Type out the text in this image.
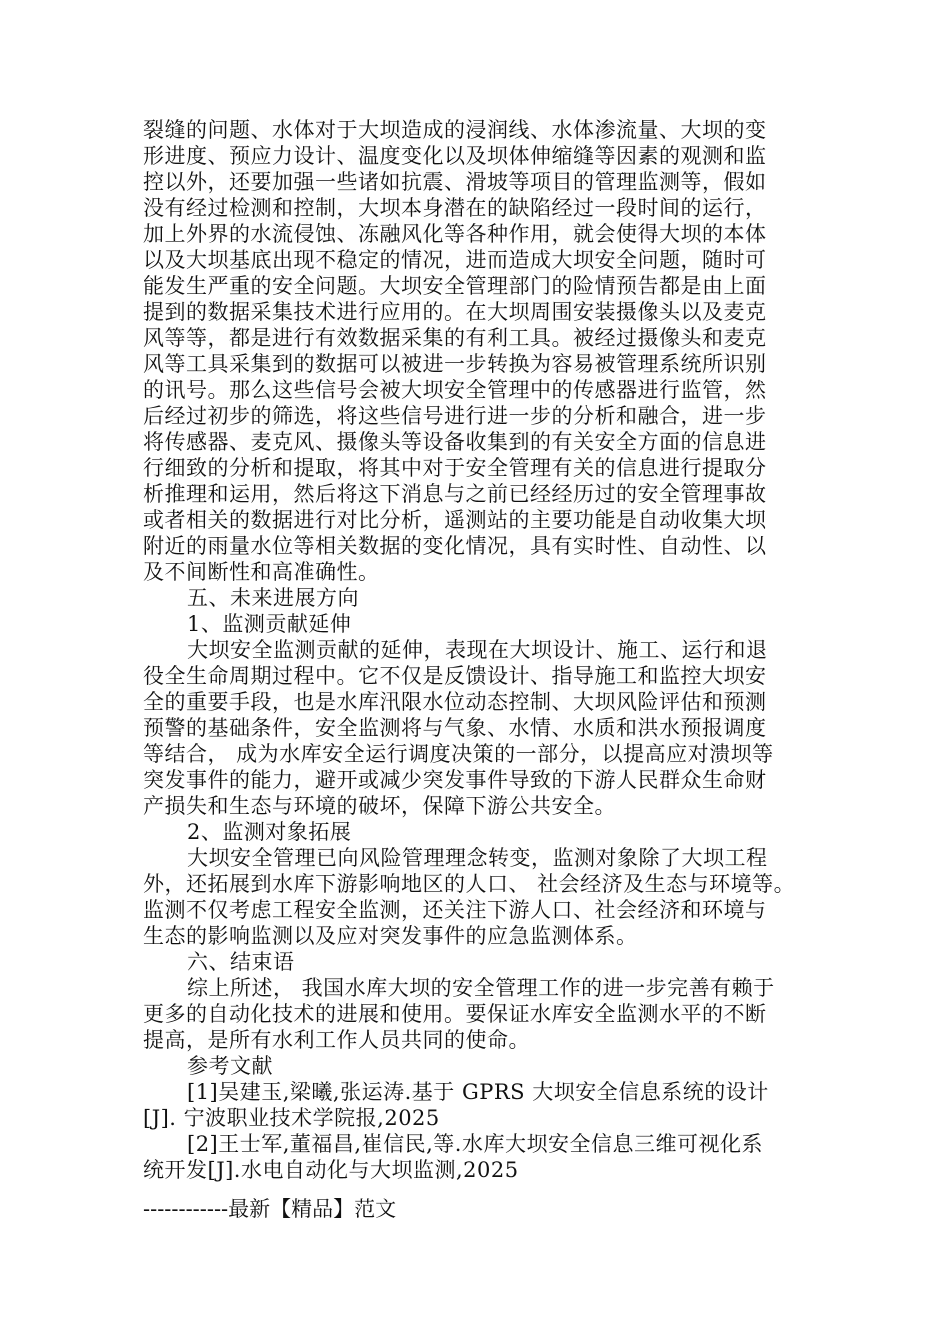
裂缝的问题、水体对于大坝造成的浸润线、水体渗流量、大坝的变
形进度、预应力设计、温度变化以及坝体伸缩缝等因素的观测和监
控以外，还要加强一些诸如抗震、滑坡等项目的管理监测等，假如
没有经过检测和控制，大坝本身潜在的缺陷经过一段时间的运行，
加上外界的水流侵蚀、冻融风化等各种作用，就会使得大坝的本体
以及大坝基底出现不稳定的情况，进而造成大坝安全问题，随时可
能发生严重的安全问题。大坝安全管理部门的险情预告都是由上面
提到的数据采集技术进行应用的。在大坝周围安装摄像头以及麦克
风等等，都是进行有效数据采集的有利工具。被经过摄像头和麦克
风等工具采集到的数据可以被进一步转换为容易被管理系统所识别
的讯号。那么这些信号会被大坝安全管理中的传感器进行监管，然
后经过初步的筛选，将这些信号进行进一步的分析和融合，进一步
将传感器、麦克风、摄像头等设备收集到的有关安全方面的信息进
行细致的分析和提取，将其中对于安全管理有关的信息进行提取分
析推理和运用，然后将这下消息与之前已经经历过的安全管理事故
或者相关的数据进行对比分析，遥测站的主要功能是自动收集大坝
附近的雨量水位等相关数据的变化情况，具有实时性、自动性、以
及不间断性和高准确性。
五、未来进展方向
1、监测贡献延伸
大坝安全监测贡献的延伸，表现在大坝设计、施工、运行和退
役全生命周期过程中。它不仅是反馈设计、指导施工和监控大坝安
全的重要手段，也是水库汛限水位动态控制、大坝风险评估和预测
预警的基础条件，安全监测将与气象、水情、水质和洪水预报调度
等结合， 成为水库安全运行调度决策的一部分，以提高应对溃坝等
突发事件的能力，避开或减少突发事件导致的下游人民群众生命财
产损失和生态与环境的破坏，保障下游公共安全。
2、监测对象拓展
大坝安全管理已向风险管理理念转变，监测对象除了大坝工程
外，还拓展到水库下游影响地区的人口、 社会经济及生态与环境等。
监测不仅考虑工程安全监测，还关注下游人口、社会经济和环境与
生态的影响监测以及应对突发事件的应急监测体系。
六、结束语
综上所述， 我国水库大坝的安全管理工作的进一步完善有赖于
更多的自动化技术的进展和使用。要保证水库安全监测水平的不断
提高，是所有水利工作人员共同的使命。
参考文献
[1]吴建玉,梁曦,张运涛.基于 GPRS 大坝安全信息系统的设计
[J]. 宁波职业技术学院报,2025
[2]王士军,董福昌,崔信民,等.水库大坝安全信息三维可视化系
统开发[J].水电自动化与大坝监测,2025
------------最新【精品】范文
